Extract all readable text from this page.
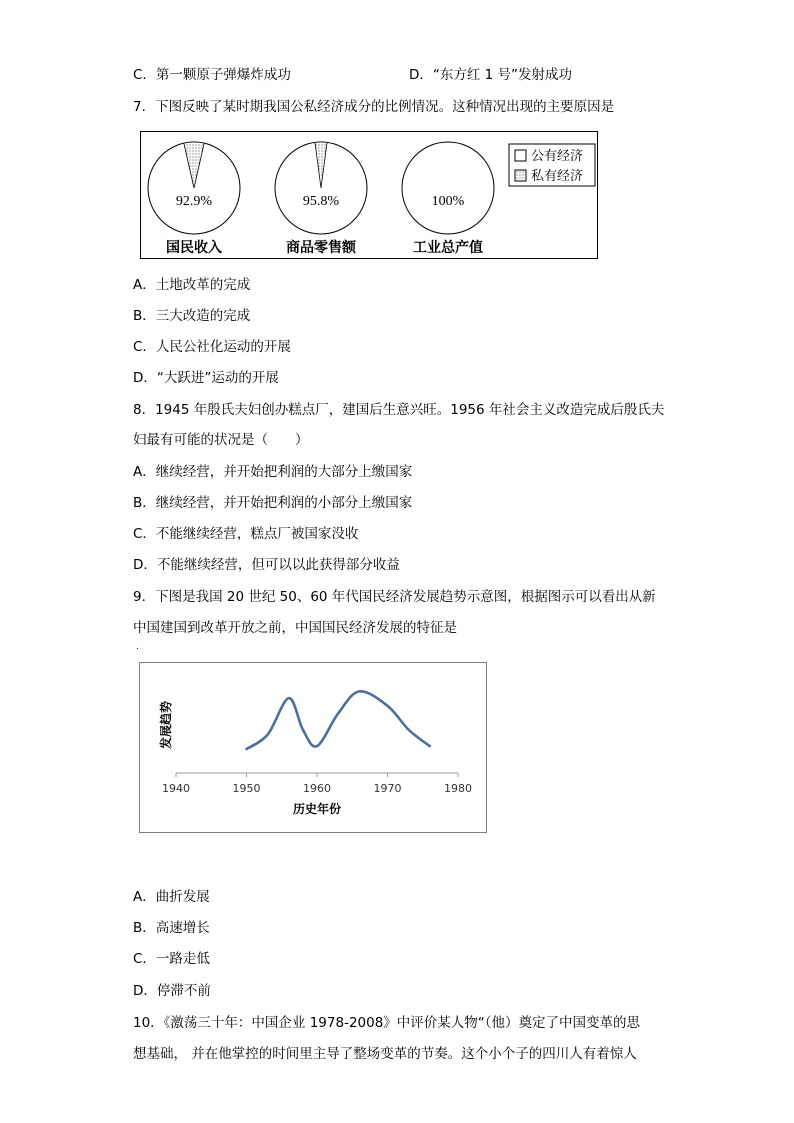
C．第一颗原子弹爆炸成功	D．“东方红 1 号”发射成功
7．下图反映了某时期我国公私经济成分的比例情况。这种情况出现的主要原因是
92.9%
国民收入
95.8%
商品零售额
100%
工业总产值
公有经济
私有经济
A．土地改革的完成
B．三大改造的完成
C．人民公社化运动的开展
D．“大跃进”运动的开展
8．1945 年殷氏夫妇创办糕点厂，建国后生意兴旺。1956 年社会主义改造完成后殷氏夫
妇最有可能的状况是（　　）
A．继续经营，并开始把利润的大部分上缴国家
B．继续经营，并开始把利润的小部分上缴国家
C．不能继续经营，糕点厂被国家没收
D．不能继续经营，但可以以此获得部分收益
9．下图是我国 20 世纪 50、60 年代国民经济发展趋势示意图，根据图示可以看出从新
中国建国到改革开放之前，中国国民经济发展的特征是
.
1940	1950	1960	1970	1980
发展趋势
历史年份
A．曲折发展
B．高速增长
C．一路走低
D．停滞不前
10．《激荡三十年：中国企业 1978-2008》中评价某人物“（他）奠定了中国变革的思
想基础， 并在他掌控的时间里主导了整场变革的节奏。这个小个子的四川人有着惊人
